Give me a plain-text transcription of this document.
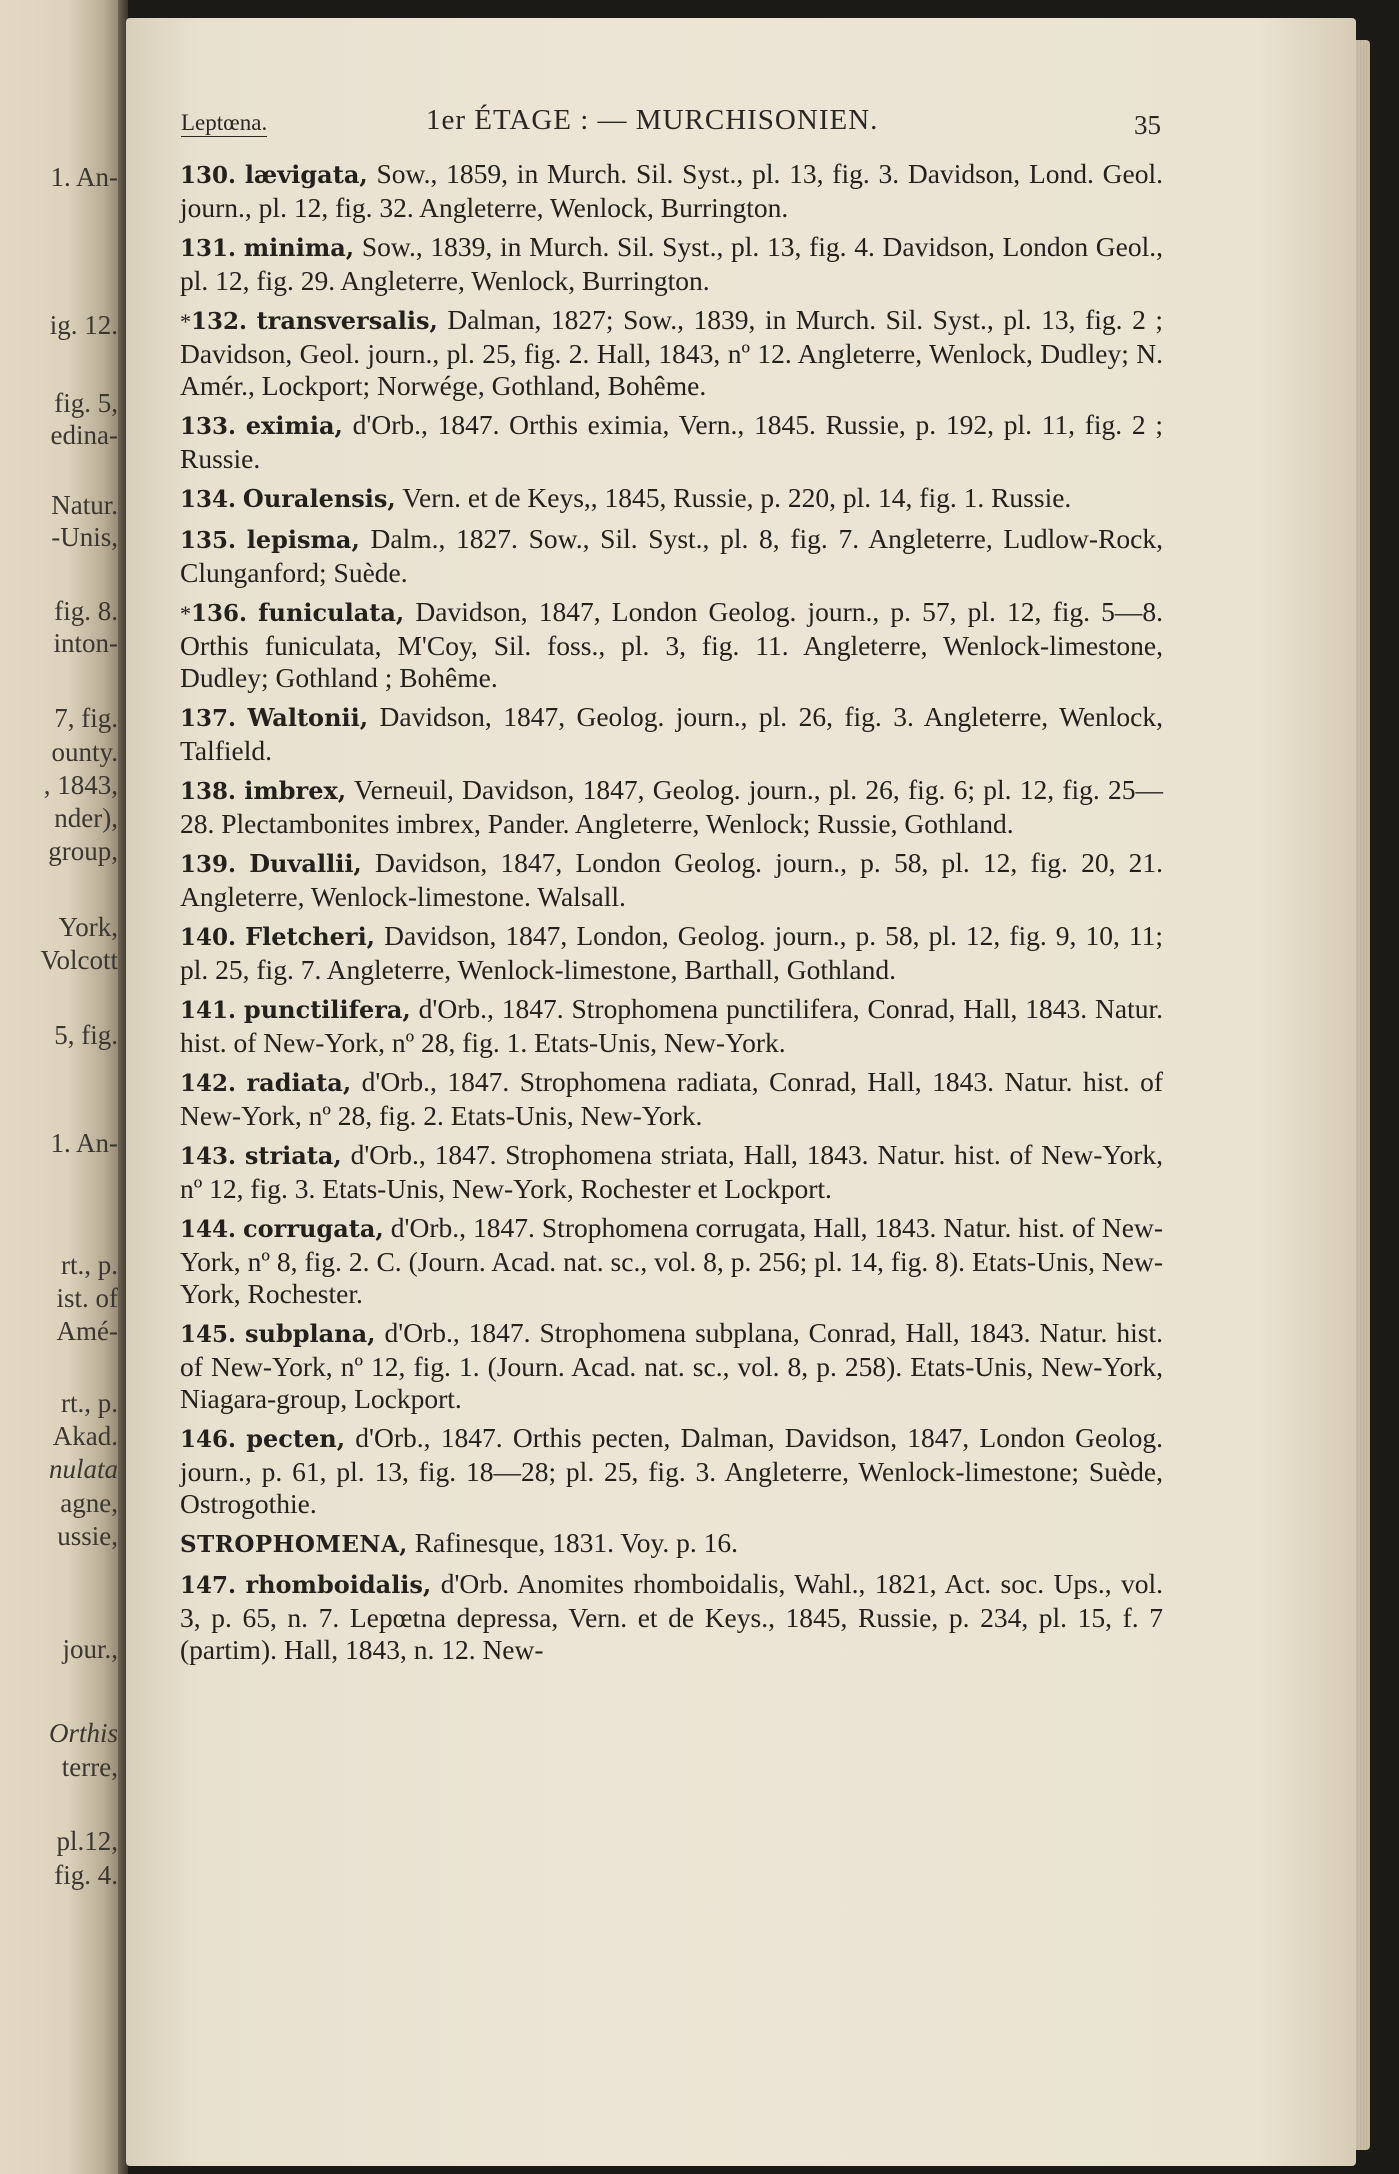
1. An-
ig. 12.
fig. 5,
edina-
Natur.
-Unis,
fig. 8.
inton-
7, fig.
ounty.
, 1843,
nder),
group,
York,
Volcott
5, fig.
1. An-
rt., p.
ist. of
Amé-
rt., p.
Akad.
nulata
agne,
ussie,
jour.,
Orthis
terre,
pl.12,
fig. 4.
Leptœna.	1er ÉTAGE : — MURCHISONIEN.	35

130. lævigata, Sow., 1859, in Murch. Sil. Syst., pl. 13, fig. 3. Davidson, Lond. Geol. journ., pl. 12, fig. 32. Angleterre, Wenlock, Burrington.

131. minima, Sow., 1839, in Murch. Sil. Syst., pl. 13, fig. 4. Davidson, London Geol., pl. 12, fig. 29. Angleterre, Wenlock, Burrington.

*132. transversalis, Dalman, 1827; Sow., 1839, in Murch. Sil. Syst., pl. 13, fig. 2 ; Davidson, Geol. journ., pl. 25, fig. 2. Hall, 1843, nº 12. Angleterre, Wenlock, Dudley; N. Amér., Lockport; Norwége, Gothland, Bohême.

133. eximia, d'Orb., 1847. Orthis eximia, Vern., 1845. Russie, p. 192, pl. 11, fig. 2 ; Russie.

134. Ouralensis, Vern. et de Keys,, 1845, Russie, p. 220, pl. 14, fig. 1. Russie.

135. lepisma, Dalm., 1827. Sow., Sil. Syst., pl. 8, fig. 7. Angleterre, Ludlow-Rock, Clunganford; Suède.

*136. funiculata, Davidson, 1847, London Geolog. journ., p. 57, pl. 12, fig. 5—8. Orthis funiculata, M'Coy, Sil. foss., pl. 3, fig. 11. Angleterre, Wenlock-limestone, Dudley; Gothland ; Bohême.

137. Waltonii, Davidson, 1847, Geolog. journ., pl. 26, fig. 3. Angleterre, Wenlock, Talfield.

138. imbrex, Verneuil, Davidson, 1847, Geolog. journ., pl. 26, fig. 6; pl. 12, fig. 25—28. Plectambonites imbrex, Pander. Angleterre, Wenlock; Russie, Gothland.

139. Duvallii, Davidson, 1847, London Geolog. journ., p. 58, pl. 12, fig. 20, 21. Angleterre, Wenlock-limestone. Walsall.

140. Fletcheri, Davidson, 1847, London, Geolog. journ., p. 58, pl. 12, fig. 9, 10, 11; pl. 25, fig. 7. Angleterre, Wenlock-limestone, Barthall, Gothland.

141. punctilifera, d'Orb., 1847. Strophomena punctilifera, Conrad, Hall, 1843. Natur. hist. of New-York, nº 28, fig. 1. Etats-Unis, New-York.

142. radiata, d'Orb., 1847. Strophomena radiata, Conrad, Hall, 1843. Natur. hist. of New-York, nº 28, fig. 2. Etats-Unis, New-York.

143. striata, d'Orb., 1847. Strophomena striata, Hall, 1843. Natur. hist. of New-York, nº 12, fig. 3. Etats-Unis, New-York, Rochester et Lockport.

144. corrugata, d'Orb., 1847. Strophomena corrugata, Hall, 1843. Natur. hist. of New-York, nº 8, fig. 2. C. (Journ. Acad. nat. sc., vol. 8, p. 256; pl. 14, fig. 8). Etats-Unis, New-York, Rochester.

145. subplana, d'Orb., 1847. Strophomena subplana, Conrad, Hall, 1843. Natur. hist. of New-York, nº 12, fig. 1. (Journ. Acad. nat. sc., vol. 8, p. 258). Etats-Unis, New-York, Niagara-group, Lockport.

146. pecten, d'Orb., 1847. Orthis pecten, Dalman, Davidson, 1847, London Geolog. journ., p. 61, pl. 13, fig. 18—28; pl. 25, fig. 3. Angleterre, Wenlock-limestone; Suède, Ostrogothie.

STROPHOMENA, Rafinesque, 1831. Voy. p. 16.

147. rhomboidalis, d'Orb. Anomites rhomboidalis, Wahl., 1821, Act. soc. Ups., vol. 3, p. 65, n. 7. Lepœtna depressa, Vern. et de Keys., 1845, Russie, p. 234, pl. 15, f. 7 (partim). Hall, 1843, n. 12. New-
